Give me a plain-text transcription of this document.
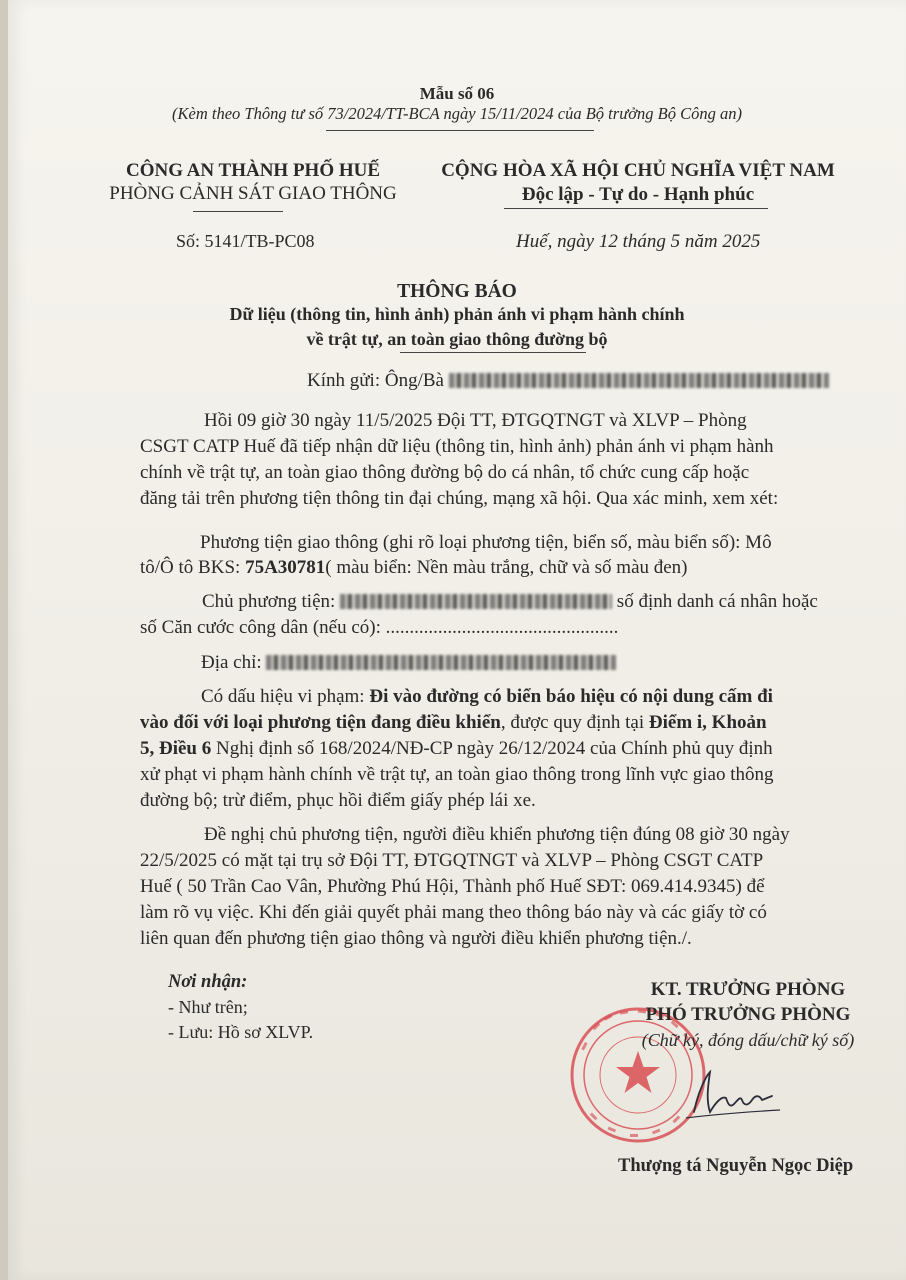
Mẫu số 06
(Kèm theo Thông tư số 73/2024/TT-BCA ngày 15/11/2024 của Bộ trưởng Bộ Công an)
CÔNG AN THÀNH PHỐ HUẾ
PHÒNG CẢNH SÁT GIAO THÔNG
Số: 5141/TB-PC08
CỘNG HÒA XÃ HỘI CHỦ NGHĨA VIỆT NAM
Độc lập - Tự do - Hạnh phúc
Huế, ngày 12 tháng 5 năm 2025
THÔNG BÁO
Dữ liệu (thông tin, hình ảnh) phản ánh vi phạm hành chính
về trật tự, an toàn giao thông đường bộ
Kính gửi: Ông/Bà
Hồi 09 giờ 30 ngày 11/5/2025 Đội TT, ĐTGQTNGT và XLVP – Phòng
CSGT CATP Huế đã tiếp nhận dữ liệu (thông tin, hình ảnh) phản ánh vi phạm hành
chính về trật tự, an toàn giao thông đường bộ do cá nhân, tổ chức cung cấp hoặc
đăng tải trên phương tiện thông tin đại chúng, mạng xã hội. Qua xác minh, xem xét:
Phương tiện giao thông (ghi rõ loại phương tiện, biển số, màu biển số): Mô
tô/Ô tô BKS: 75A30781( màu biển: Nền màu trắng, chữ và số màu đen)
Chủ phương tiện:	số định danh cá nhân hoặc
số Căn cước công dân (nếu có): .................................................
Địa chỉ:
Có dấu hiệu vi phạm: Đi vào đường có biển báo hiệu có nội dung cấm đi
vào đối với loại phương tiện đang điều khiển, được quy định tại Điểm i, Khoản
5, Điều 6 Nghị định số 168/2024/NĐ-CP ngày 26/12/2024 của Chính phủ quy định
xử phạt vi phạm hành chính về trật tự, an toàn giao thông trong lĩnh vực giao thông
đường bộ; trừ điểm, phục hồi điểm giấy phép lái xe.
Đề nghị chủ phương tiện, người điều khiển phương tiện đúng 08 giờ 30 ngày
22/5/2025 có mặt tại trụ sở Đội TT, ĐTGQTNGT và XLVP – Phòng CSGT CATP
Huế ( 50 Trần Cao Vân, Phường Phú Hội, Thành phố Huế SĐT: 069.414.9345) để
làm rõ vụ việc. Khi đến giải quyết phải mang theo thông báo này và các giấy tờ có
liên quan đến phương tiện giao thông và người điều khiển phương tiện./.
Nơi nhận:
- Như trên;
- Lưu: Hồ sơ XLVP.
KT. TRƯỞNG PHÒNG
PHÓ TRƯỞNG PHÒNG
(Chữ ký, đóng dấu/chữ ký số)
Thượng tá Nguyễn Ngọc Diệp
